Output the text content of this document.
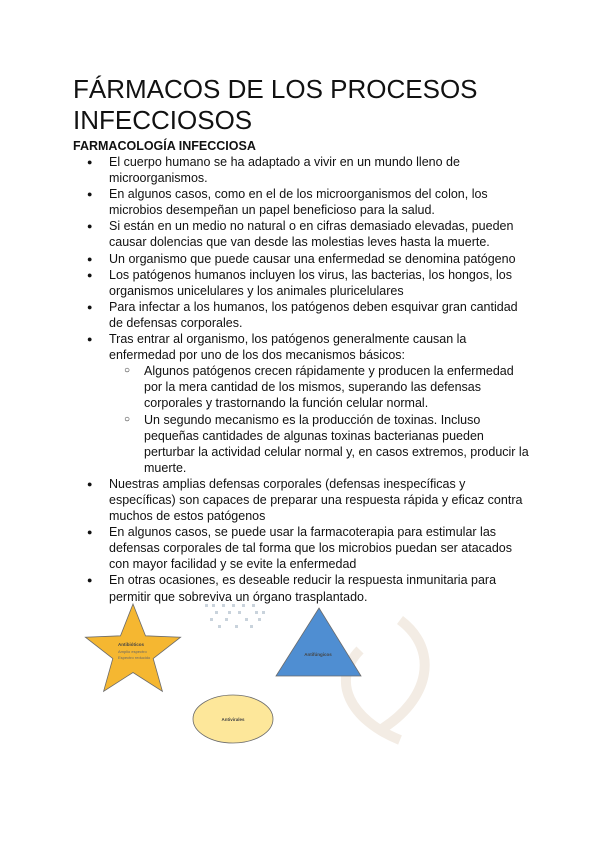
FÁRMACOS DE LOS PROCESOS INFECCIOSOS
FARMACOLOGÍA INFECCIOSA
● El cuerpo humano se ha adaptado a vivir en un mundo lleno de microorganismos.
● En algunos casos, como en el de los microorganismos del colon, los microbios desempeñan un papel beneficioso para la salud.
● Si están en un medio no natural o en cifras demasiado elevadas, pueden causar dolencias que van desde las molestias leves hasta la muerte.
● Un organismo que puede causar una enfermedad se denomina patógeno
● Los patógenos humanos incluyen los virus, las bacterias, los hongos, los organismos unicelulares y los animales pluricelulares
● Para infectar a los humanos, los patógenos deben esquivar gran cantidad de defensas corporales.
● Tras entrar al organismo, los patógenos generalmente causan la enfermedad por uno de los dos mecanismos básicos:
○ Algunos patógenos crecen rápidamente y producen la enfermedad por la mera cantidad de los mismos, superando las defensas corporales y trastornando la función celular normal.
○ Un segundo mecanismo es la producción de toxinas. Incluso pequeñas cantidades de algunas toxinas bacterianas pueden perturbar la actividad celular normal y, en casos extremos, producir la muerte.
● Nuestras amplias defensas corporales (defensas inespecíficas y específicas) son capaces de preparar una respuesta rápida y eficaz contra muchos de estos patógenos
● En algunos casos, se puede usar la farmacoterapia para estimular las defensas corporales de tal forma que los microbios puedan ser atacados con mayor facilidad y se evite la enfermedad
● En otras ocasiones, es deseable reducir la respuesta inmunitaria para permitir que sobreviva un órgano trasplantado.
Antibióticos
Amplio espectro
Espectro reducido
Antifúngicos
Antivirales
